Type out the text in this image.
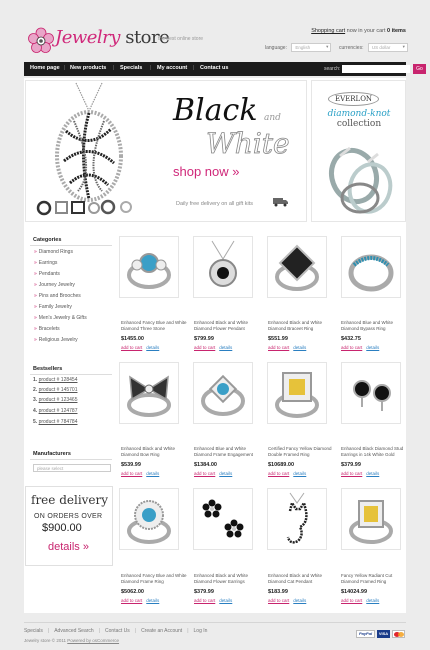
Jewelry store
the best online store
Shopping cart now in your cart 0 items
language: English ▾	currencies: US dollar ▾
Home page | New products | Specials | My account | Contact us	search:	Go
Black and
White
shop now »
Daily free delivery on all gift kits
EVERLON
diamond-knot
collection
Categories
» Diamond Rings
» Earrings
» Pendants
» Journey Jewelry
» Pins and Brooches
» Family Jewelry
» Men's Jewelry & Gifts
» Bracelets
» Religious Jewelry
Bestsellers
1. product # 128454
2. product # 145701
3. product # 123465
4. product # 124787
5. product # 784784
Manufacturers
please select
free delivery
ON ORDERS OVER
$900.00
details »
Enhanced Fancy Blue and White Diamond Three Stone
Enhanced Black and White Diamond Flower Pendant
Enhanced Black and White Diamond Braceet Ring
Enhanced Blue and White Diamond Bypass Ring
$1455.00	$799.99	$551.99	$432.75
add to cart details	add to cart details	add to cart details	add to cart details
Enhanced Black and White Diamond Bow Ring
Enhanced Blue and White Diamond Frame Engagement
Certified Fancy Yellow Diamond Double Framed Ring
Enhanced Black Diamond Stud Earrings in 14k White Gold
$539.99	$1384.00	$10689.00	$379.99
add to cart details	add to cart details	add to cart details	add to cart details
Enhanced Fancy Blue and White Diamond Frame Ring
Enhanced Black and White Diamond Flower Earrings
Enhanced Black and White Diamond Cat Pendant
Fancy Yellow Radiant Cut Diamond Framed Ring
$5062.00	$379.99	$183.99	$14024.99
add to cart details	add to cart details	add to cart details	add to cart details
Specials | Advanced Search | Contact Us | Create an Account | Log In
Jewelry store © 2011 Powered by osCommerce
PayPal	VISA
